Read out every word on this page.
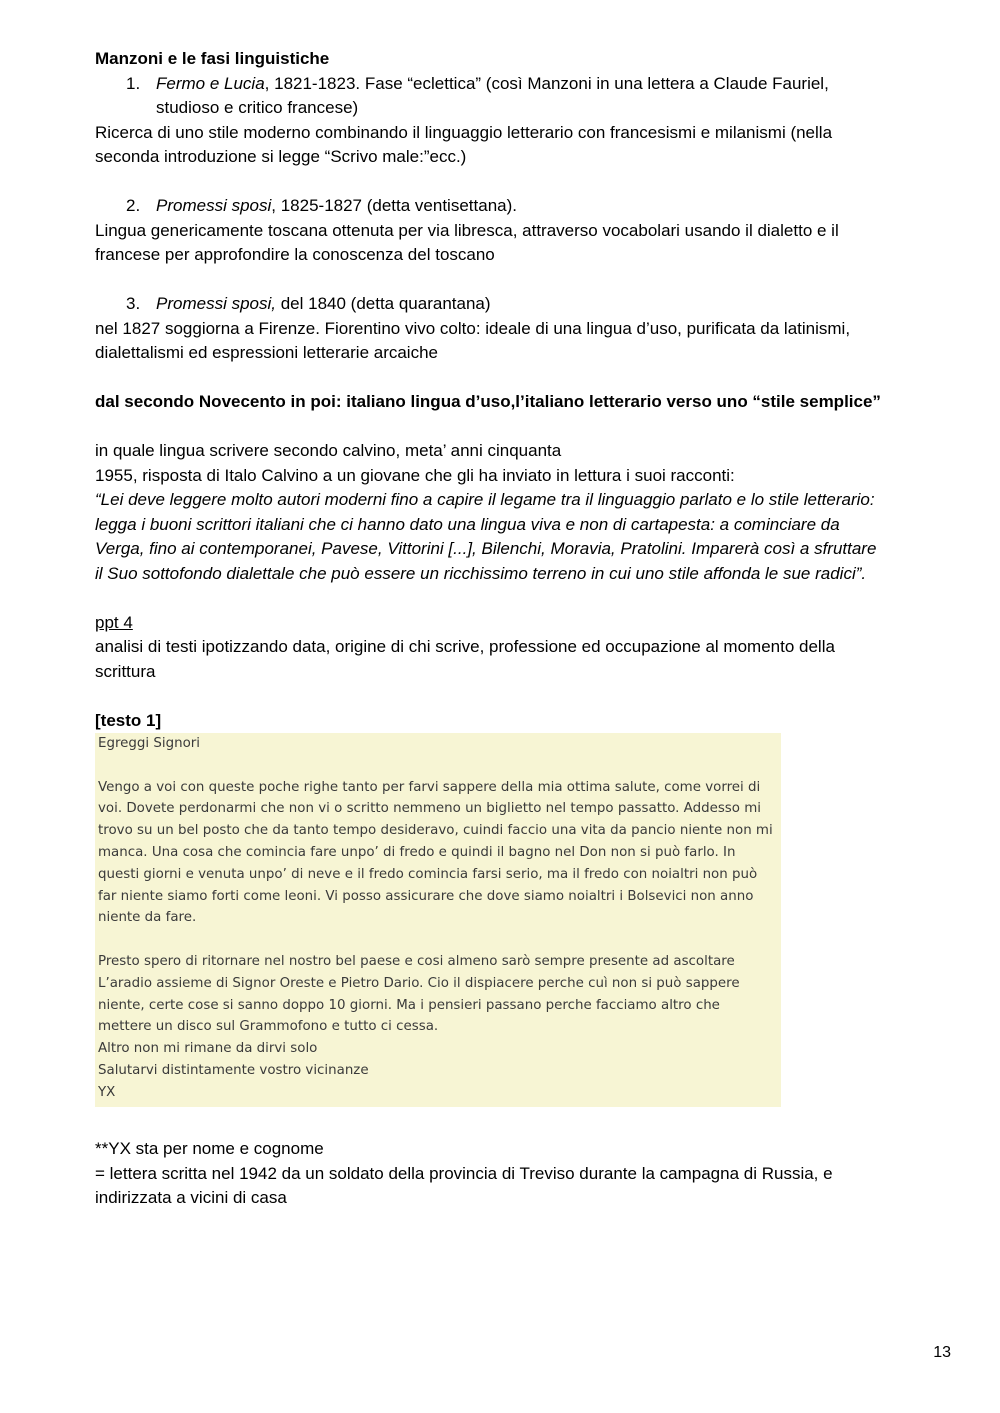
Manzoni e le fasi linguistiche
1. Fermo e Lucia, 1821-1823. Fase “eclettica” (così Manzoni in una lettera a Claude Fauriel,
studioso e critico francese)
Ricerca di uno stile moderno combinando il linguaggio letterario con francesismi e milanismi (nella
seconda introduzione si legge “Scrivo male:”ecc.)
2. Promessi sposi, 1825-1827 (detta ventisettana).
Lingua genericamente toscana ottenuta per via libresca, attraverso vocabolari usando il dialetto e il
francese per approfondire la conoscenza del toscano
3. Promessi sposi, del 1840 (detta quarantana)
nel 1827 soggiorna a Firenze. Fiorentino vivo colto: ideale di una lingua d’uso, purificata da latinismi,
dialettalismi ed espressioni letterarie arcaiche
dal secondo Novecento in poi: italiano lingua d’uso,l’italiano letterario verso uno “stile semplice”
in quale lingua scrivere secondo calvino, meta’ anni cinquanta
1955, risposta di Italo Calvino a un giovane che gli ha inviato in lettura i suoi racconti:
“Lei deve leggere molto autori moderni fino a capire il legame tra il linguaggio parlato e lo stile letterario:
legga i buoni scrittori italiani che ci hanno dato una lingua viva e non di cartapesta: a cominciare da
Verga, fino ai contemporanei, Pavese, Vittorini [...], Bilenchi, Moravia, Pratolini. Imparerà così a sfruttare
il Suo sottofondo dialettale che può essere un ricchissimo terreno in cui uno stile affonda le sue radici”.
ppt 4
analisi di testi ipotizzando data, origine di chi scrive, professione ed occupazione al momento della
scrittura
[testo 1]
Egreggi Signori
Vengo a voi con queste poche righe tanto per farvi sappere della mia ottima salute, come vorrei di
voi. Dovete perdonarmi che non vi o scritto nemmeno un biglietto nel tempo passatto. Addesso mi
trovo su un bel posto che da tanto tempo desideravo, cuindi faccio una vita da pancio niente non mi
manca. Una cosa che comincia fare unpo’ di fredo e quindi il bagno nel Don non si può farlo. In
questi giorni e venuta unpo’ di neve e il fredo comincia farsi serio, ma il fredo con noialtri non può
far niente siamo forti come leoni. Vi posso assicurare che dove siamo noialtri i Bolsevici non anno
niente da fare.
Presto spero di ritornare nel nostro bel paese e cosi almeno sarò sempre presente ad ascoltare
L’aradio assieme di Signor Oreste e Pietro Dario. Cio il dispiacere perche cuì non si può sappere
niente, certe cose si sanno doppo 10 giorni. Ma i pensieri passano perche facciamo altro che
mettere un disco sul Grammofono e tutto ci cessa.
Altro non mi rimane da dirvi solo
Salutarvi distintamente vostro vicinanze
YX
**YX sta per nome e cognome
= lettera scritta nel 1942 da un soldato della provincia di Treviso durante la campagna di Russia, e
indirizzata a vicini di casa
13
